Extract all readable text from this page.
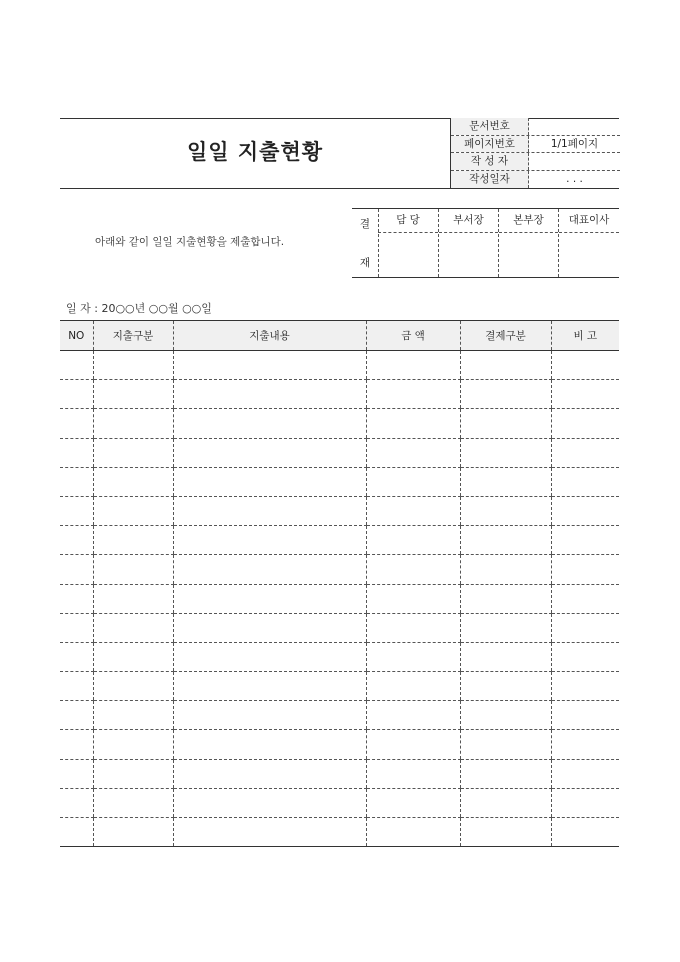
일일 지출현황
문서번호
페이지번호	1/1페이지
작 성 자
작성일자	. . .
아래와 같이 일일 지출현황을 제출합니다.
결
재
담 당	부서장	본부장	대표이사
일 자 : 20○○년 ○○월 ○○일
NO	지출구분	지출내용	금 액	결제구분	비 고
